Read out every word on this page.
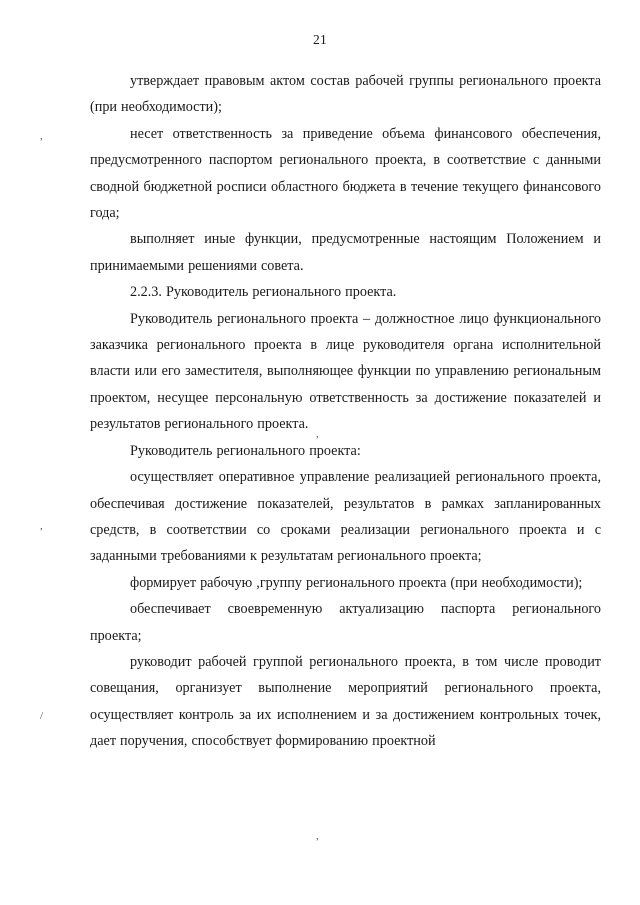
21
,
,
/
,
,

утверждает правовым актом состав рабочей группы регионального проекта (при необходимости);

несет ответственность за приведение объема финансового обеспечения, предусмотренного паспортом регионального проекта, в соответствие с данными сводной бюджетной росписи областного бюджета в течение текущего финансового года;

выполняет иные функции, предусмотренные настоящим Положением и принимаемыми решениями совета.

2.2.3. Руководитель регионального проекта.

Руководитель регионального проекта – должностное лицо функционального заказчика регионального проекта в лице руководителя органа исполнительной власти или его заместителя, выполняющее функции по управлению региональным проектом, несущее персональную ответственность за достижение показателей и результатов регионального проекта.

Руководитель регионального проекта:

осуществляет оперативное управление реализацией регионального проекта, обеспечивая достижение показателей, результатов в рамках запланированных средств, в соответствии со сроками реализации регионального проекта и с заданными требованиями к результатам регионального проекта;

формирует рабочую ,группу регионального проекта (при необходимости);

обеспечивает своевременную актуализацию паспорта регионального проекта;

руководит рабочей группой регионального проекта, в том числе проводит совещания, организует выполнение мероприятий регионального проекта, осуществляет контроль за их исполнением и за достижением контрольных точек, дает поручения, способствует формированию проектной
